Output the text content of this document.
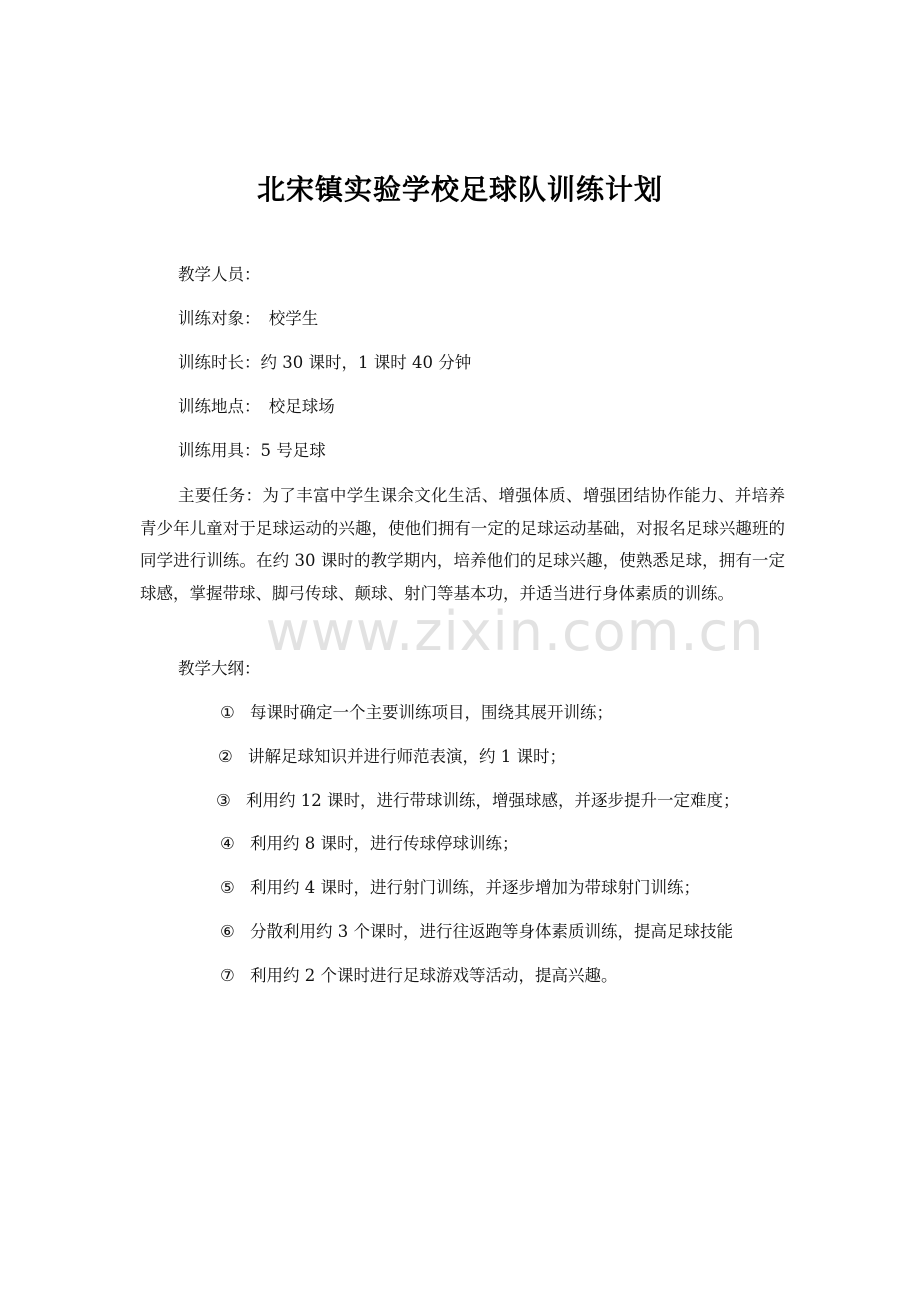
北宋镇实验学校足球队训练计划
教学人员：
训练对象：　校学生
训练时长：约 30 课时，1 课时 40 分钟
训练地点：　校足球场
训练用具：5 号足球
主要任务：为了丰富中学生课余文化生活、增强体质、增强团结协作能力、并培养青少年儿童对于足球运动的兴趣，使他们拥有一定的足球运动基础，对报名足球兴趣班的同学进行训练。在约 30 课时的教学期内，培养他们的足球兴趣，使熟悉足球，拥有一定球感，掌握带球、脚弓传球、颠球、射门等基本功，并适当进行身体素质的训练。
教学大纲：
① 每课时确定一个主要训练项目，围绕其展开训练；
② 讲解足球知识并进行师范表演，约 1 课时；
③ 利用约 12 课时，进行带球训练，增强球感，并逐步提升一定难度；
④ 利用约 8 课时，进行传球停球训练；
⑤ 利用约 4 课时，进行射门训练，并逐步增加为带球射门训练；
⑥ 分散利用约 3 个课时，进行往返跑等身体素质训练，提高足球技能
⑦ 利用约 2 个课时进行足球游戏等活动，提高兴趣。
www.zixin.com.cn
